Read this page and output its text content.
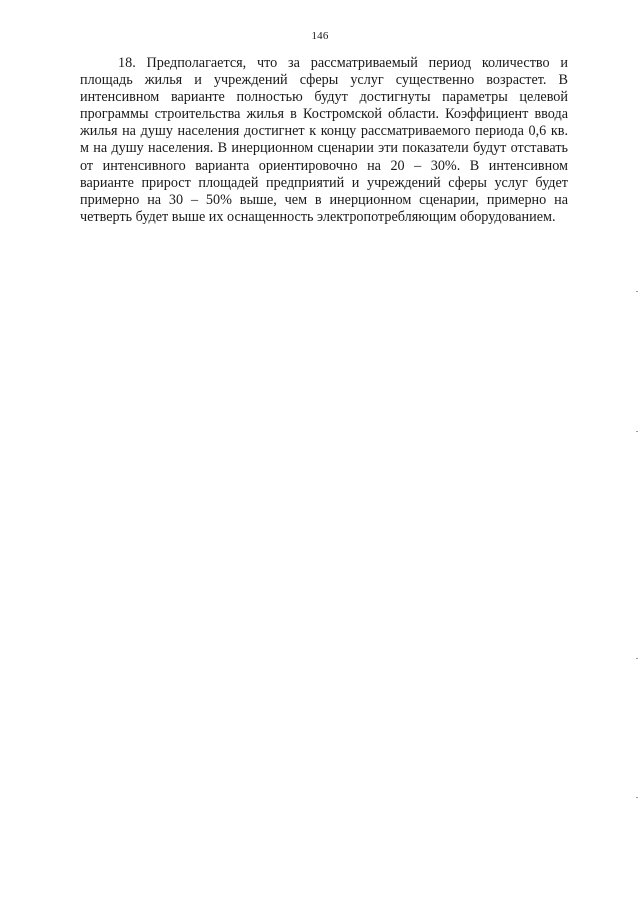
146

18. Предполагается, что за рассматриваемый период количество и площадь жилья и учреждений сферы услуг существенно возрастет. В интенсивном варианте полностью будут достигнуты параметры целевой программы строительства жилья в Костромской области. Коэффициент ввода жилья на душу населения достигнет к концу рассматриваемого периода 0,6 кв. м на душу населения. В инерционном сценарии эти показатели будут отставать от интенсивного варианта ориентировочно на 20 – 30%. В интенсивном варианте прирост площадей предприятий и учреждений сферы услуг будет примерно на 30 – 50% выше, чем в инерционном сценарии, примерно на четверть будет выше их оснащенность электропотребляющим оборудованием.
